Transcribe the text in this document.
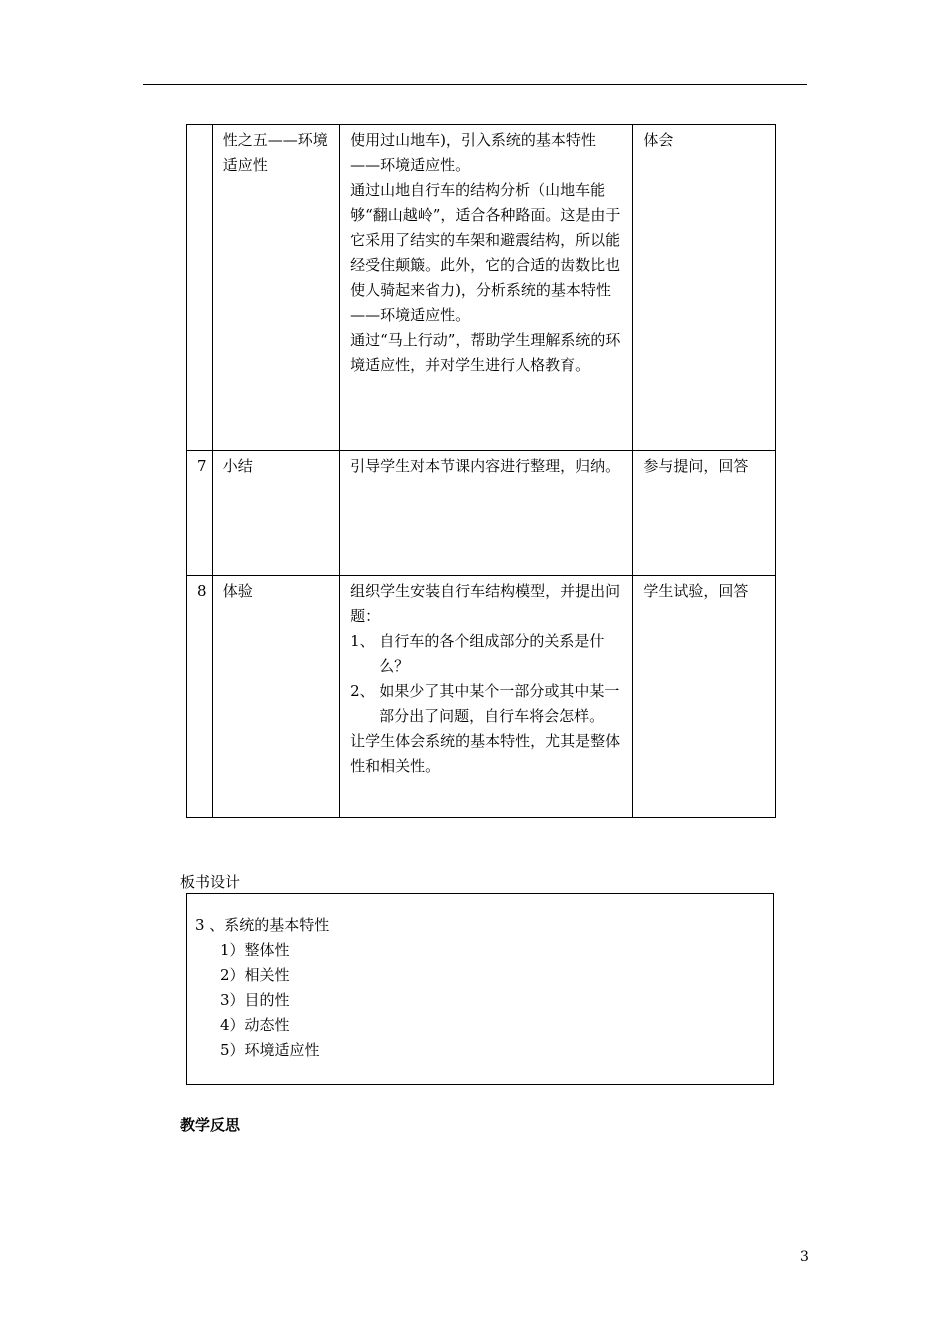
	性之五——环境适应性	使用过山地车)，引入系统的基本特性——环境适应性。

通过山地自行车的结构分析（山地车能够“翻山越岭”，适合各种路面。这是由于它采用了结实的车架和避震结构，所以能经受住颠簸。此外，它的合适的齿数比也使人骑起来省力)，分析系统的基本特性——环境适应性。

通过“马上行动”，帮助学生理解系统的环境适应性，并对学生进行人格教育。	体会
7	小结	引导学生对本节课内容进行整理，归纳。	参与提问，回答
8	体验	组织学生安装自行车结构模型，并提出问题：

1、 自行车的各个组成部分的关系是什么？

2、 如果少了其中某个一部分或其中某一部分出了问题，自行车将会怎样。

让学生体会系统的基本特性，尤其是整体性和相关性。	学生试验，回答

板书设计

3 、系统的基本特性

1）整体性

2）相关性

3）目的性

4）动态性

5）环境适应性

教学反思

3
